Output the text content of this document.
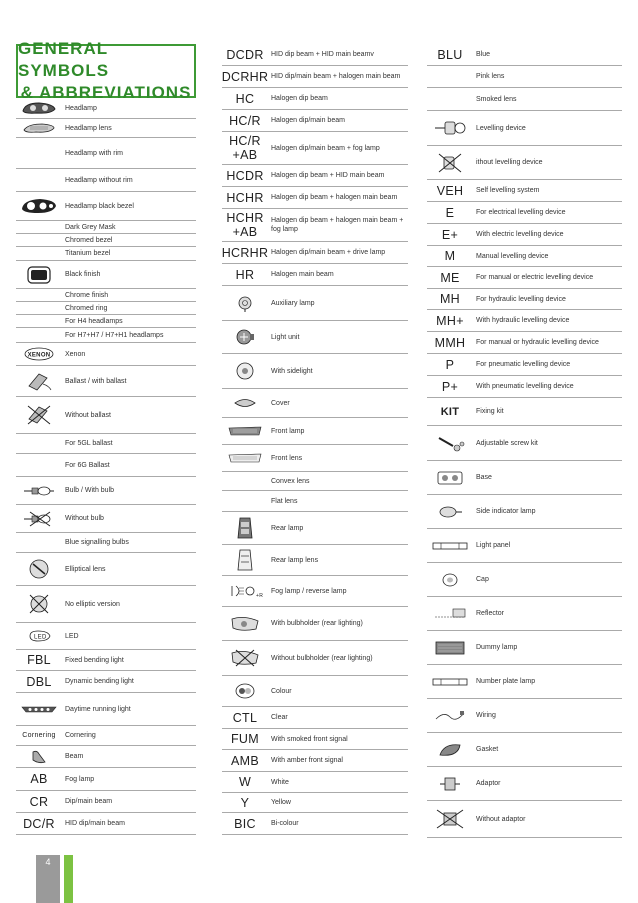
GENERAL SYMBOLS
& ABBREVIATIONS
Headlamp
Headlamp lens
Headlamp with rim
Headlamp without rim
Headlamp black bezel
Dark Grey Mask
Chromed bezel
Titanium bezel
Black finish
Chrome finish
Chromed ring
For H4 headlamps
For H7+H7 / H7+H1 headlamps
XENON	Xenon
Ballast / with ballast
Without ballast
For 5GL ballast
For 6G Ballast
Bulb / With bulb
Without bulb
Blue signalling bulbs
Elliptical lens
No elliptic version
LED	LED
FBL	Fixed bending light
DBL	Dynamic bending light
Daytime running light
Cornering	Cornering
Beam
AB	Fog lamp
CR	Dip/main beam
DC/R	HID dip/main beam
DCDR	HID dip beam + HID main beamv
DCRHR HID dip/main beam + halogen main beam
HC	Halogen dip beam
HC/R	Halogen dip/main beam
HC/R
+AB	Halogen dip/main beam + fog lamp
HCDR	Halogen dip beam + HID main beam
HCHR	Halogen dip beam + halogen main beam
HCHR
+AB
Halogen dip beam + halogen main beam + fog lamp
HCRHR Halogen dip/main beam + drive lamp
HR	Halogen main beam
Auxiliary lamp
Light unit
With sidelight
Cover
Front lamp
Front lens
Convex lens
Flat lens
Rear lamp
Rear lamp lens
+R
Fog lamp / reverse lamp
With bulbholder (rear lighting)
Without bulbholder (rear lighting)
Colour
CTL	Clear
FUM	With smoked front signal
AMB	With amber front signal
W	White
Y	Yellow
BIC	Bi-colour
BLU	Blue
Pink lens
Smoked lens
Levelling device
ithout levelling device
VEH	Self levelling system
E	For electrical levelling device
E+	With electric levelling device
M	Manual levelling device
ME	For manual or electric levelling device
MH	For hydraulic levelling device
MH+	With hydraulic levelling device
MMH	For manual or hydraulic levelling device
P	For pneumatic levelling device
P+	With pneumatic levelling device
KIT	Fixing kit
Adjustable screw kit
Base
Side indicator lamp
Light panel
Cap
Reflector
Dummy lamp
Number plate lamp
Wiring
Gasket
Adaptor
Without adaptor
4
